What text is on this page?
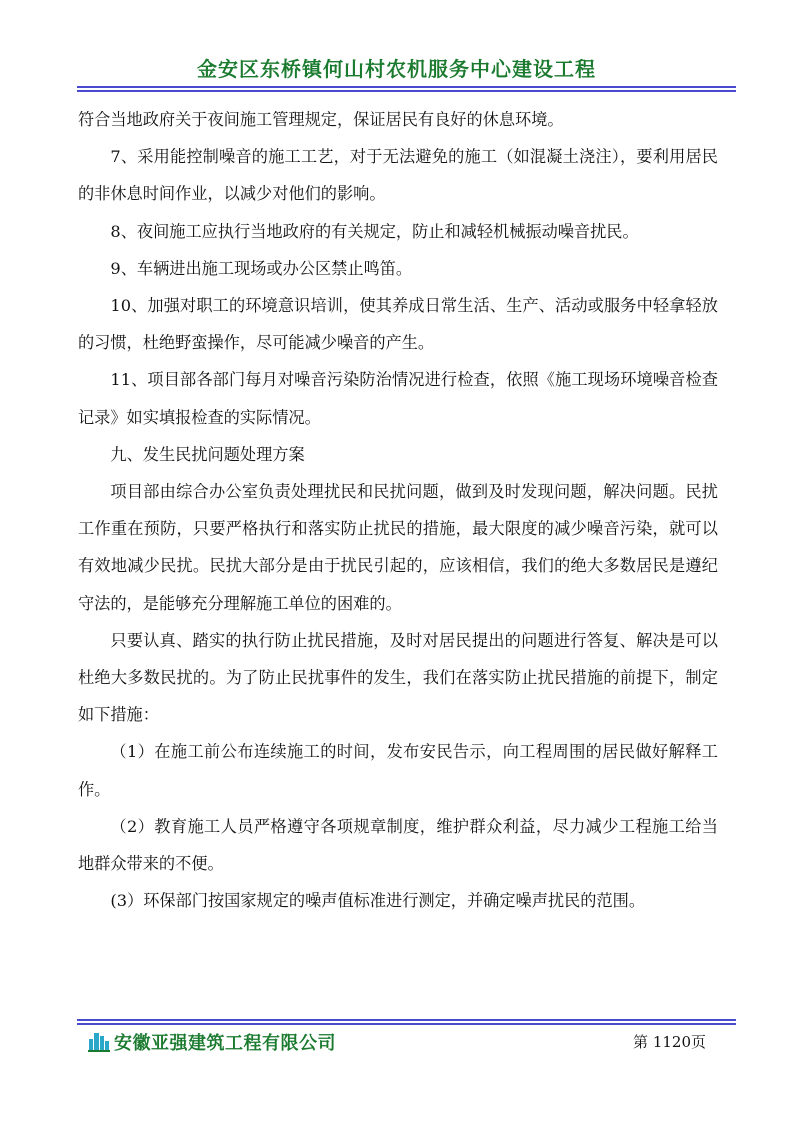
金安区东桥镇何山村农机服务中心建设工程

符合当地政府关于夜间施工管理规定，保证居民有良好的休息环境。

7、采用能控制噪音的施工工艺，对于无法避免的施工（如混凝土浇注），要利用居民的非休息时间作业，以减少对他们的影响。

8、夜间施工应执行当地政府的有关规定，防止和减轻机械振动噪音扰民。

9、车辆进出施工现场或办公区禁止鸣笛。

10、加强对职工的环境意识培训，使其养成日常生活、生产、活动或服务中轻拿轻放的习惯，杜绝野蛮操作，尽可能减少噪音的产生。

11、项目部各部门每月对噪音污染防治情况进行检查，依照《施工现场环境噪音检查记录》如实填报检查的实际情况。

九、发生民扰问题处理方案

项目部由综合办公室负责处理扰民和民扰问题，做到及时发现问题，解决问题。民扰工作重在预防，只要严格执行和落实防止扰民的措施，最大限度的减少噪音污染，就可以有效地减少民扰。民扰大部分是由于扰民引起的，应该相信，我们的绝大多数居民是遵纪守法的，是能够充分理解施工单位的困难的。

只要认真、踏实的执行防止扰民措施，及时对居民提出的问题进行答复、解决是可以杜绝大多数民扰的。为了防止民扰事件的发生，我们在落实防止扰民措施的前提下，制定如下措施：

（1）在施工前公布连续施工的时间，发布安民告示，向工程周围的居民做好解释工作。

（2）教育施工人员严格遵守各项规章制度，维护群众利益，尽力减少工程施工给当地群众带来的不便。

(3）环保部门按国家规定的噪声值标准进行测定，并确定噪声扰民的范围。

安徽亚强建筑工程有限公司	第 1120页
